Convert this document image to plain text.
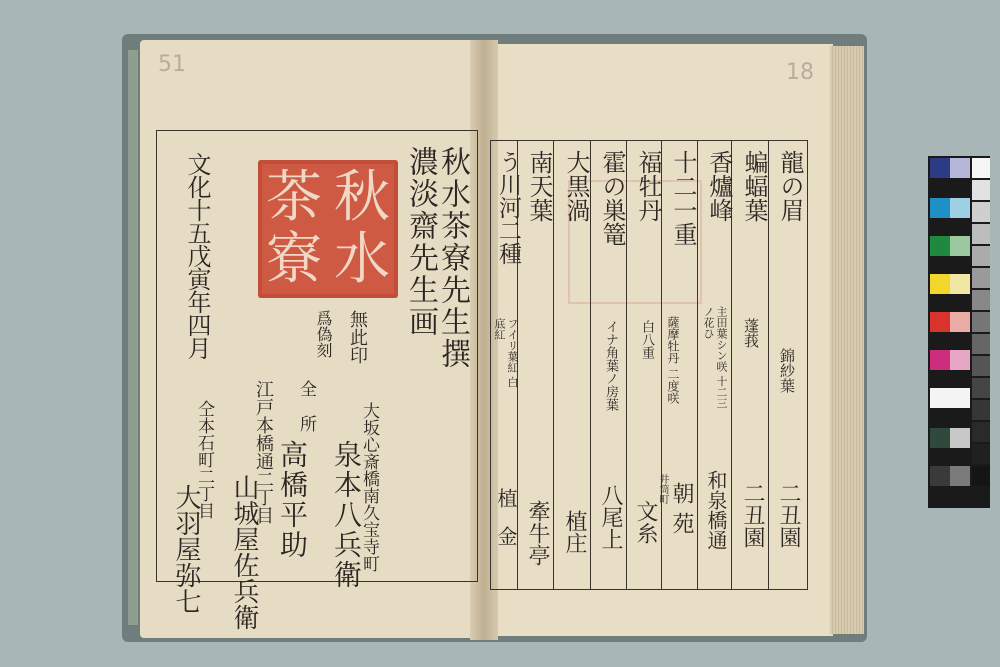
51	18
文化十五戊寅年四月 秋
水
茶
寮	秋水茶寮先生撰
濃淡齋先生画
無此印
爲偽刻
大坂心斎橋南久宝寺町
泉本八兵衛
全所
江戸本橋通二丁目 高橋平助
山城屋佐兵衛
仝本石町二丁目
大羽屋弥七
龍の眉
錦紗葉
二丑園
蝙蝠葉
蓬莪
二丑園
香爐峰
主田葉シン咲 十二三ノ花ひ
和泉橋通
十二一重
薩摩牡丹 二度咲
朝苑
福牡丹
白八重
井筒町
文糸
霍の巣篭
イナ角葉ノ房葉
八尾上
大黒渦
植庄
南天葉
牽牛亭
う川河二種
フイリ葉紅 白底紅
植金
